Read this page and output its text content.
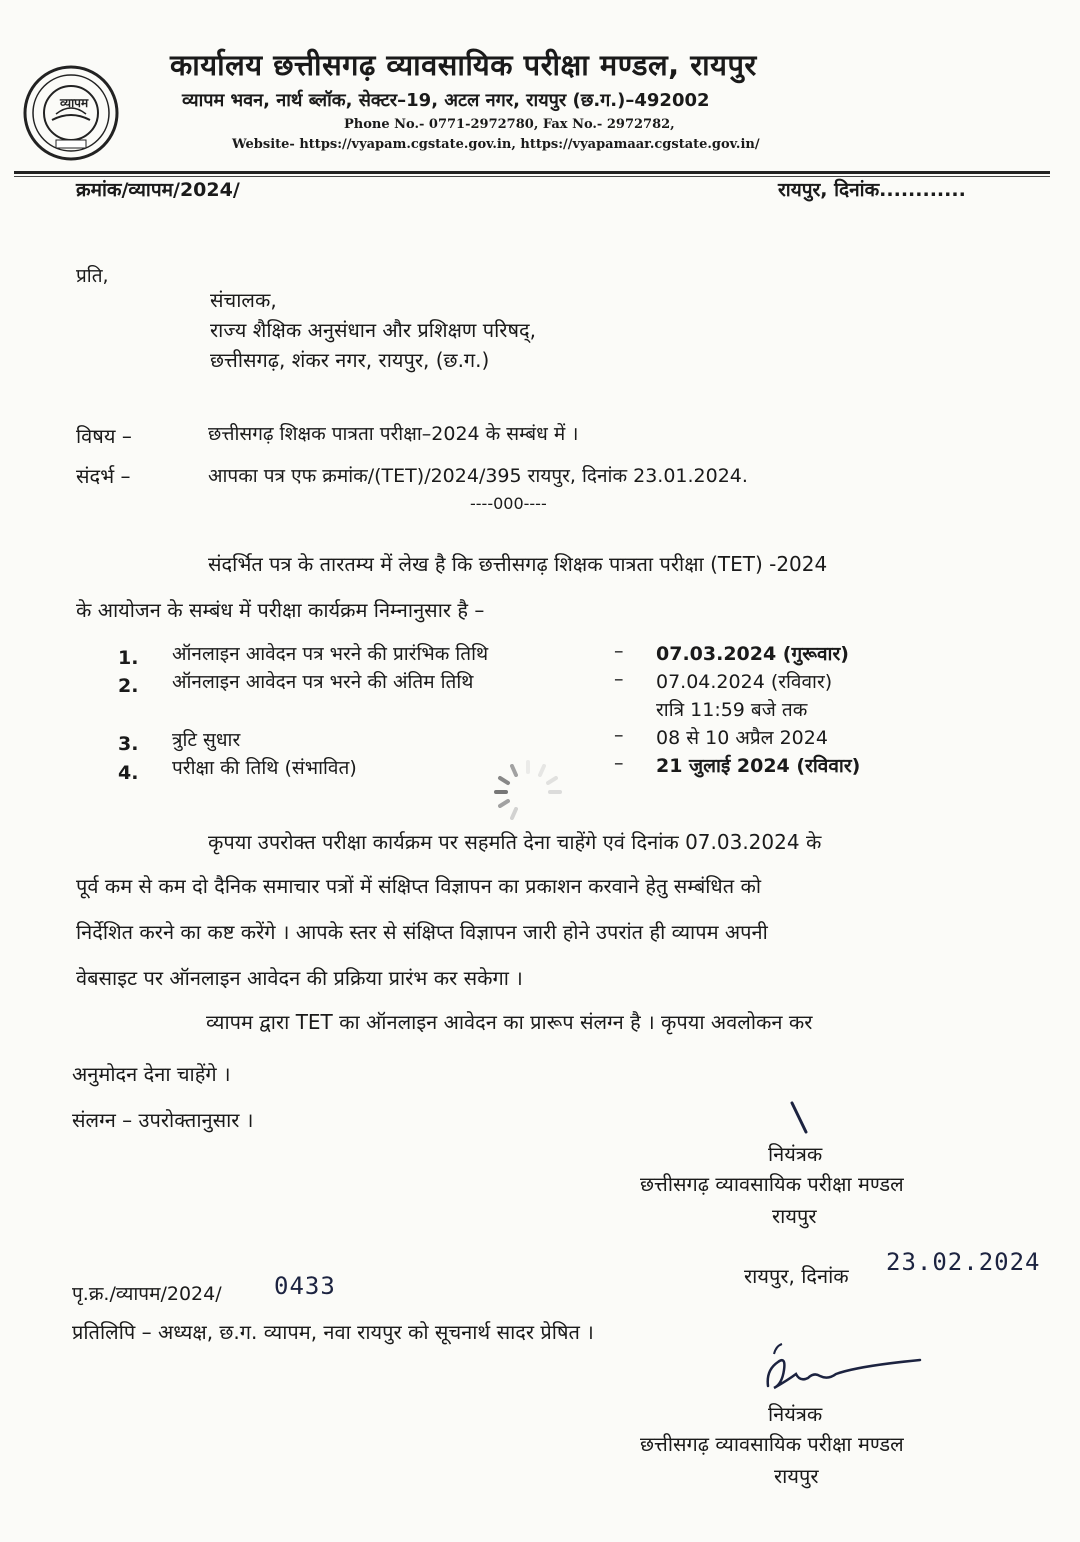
व्यापम
कार्यालय छत्तीसगढ़ व्यावसायिक परीक्षा मण्डल, रायपुर
व्यापम भवन, नार्थ ब्लॉक, सेक्टर–19, अटल नगर, रायपुर (छ.ग.)–492002
Phone No.- 0771-2972780, Fax No.- 2972782,
Website- https://vyapam.cgstate.gov.in, https://vyapamaar.cgstate.gov.in/
क्रमांक/व्यापम/2024/	रायपुर, दिनांक............
प्रति,
संचालक,
राज्य शैक्षिक अनुसंधान और प्रशिक्षण परिषद्,
छत्तीसगढ़, शंकर नगर, रायपुर, (छ.ग.)
विषय –	छत्तीसगढ़ शिक्षक पात्रता परीक्षा–2024 के सम्बंध में ।
संदर्भ –	आपका पत्र एफ क्रमांक/(TET)/2024/395 रायपुर, दिनांक 23.01.2024.
----000----
संदर्भित पत्र के तारतम्य में लेख है कि छत्तीसगढ़ शिक्षक पात्रता परीक्षा (TET) -2024
के आयोजन के सम्बंध में परीक्षा कार्यक्रम निम्नानुसार है –
1. ऑनलाइन आवेदन पत्र भरने की प्रारंभिक तिथि	– 07.03.2024 (गुरूवार)
2. ऑनलाइन आवेदन पत्र भरने की अंतिम तिथि	– 07.04.2024 (रविवार)
रात्रि 11:59 बजे तक
3. त्रुटि सुधार	– 08 से 10 अप्रैल 2024
4. परीक्षा की तिथि (संभावित)	– 21 जुलाई 2024 (रविवार)
कृपया उपरोक्त परीक्षा कार्यक्रम पर सहमति देना चाहेंगे एवं दिनांक 07.03.2024 के
पूर्व कम से कम दो दैनिक समाचार पत्रों में संक्षिप्त विज्ञापन का प्रकाशन करवाने हेतु सम्बंधित को
निर्देशित करने का कष्ट करेंगे । आपके स्तर से संक्षिप्त विज्ञापन जारी होने उपरांत ही व्यापम अपनी
वेबसाइट पर ऑनलाइन आवेदन की प्रक्रिया प्रारंभ कर सकेगा ।
व्यापम द्वारा TET का ऑनलाइन आवेदन का प्रारूप संलग्न है । कृपया अवलोकन कर
अनुमोदन देना चाहेंगे ।
संलग्न – उपरोक्तानुसार ।
नियंत्रक
छत्तीसगढ़ व्यावसायिक परीक्षा मण्डल
रायपुर
रायपुर, दिनांक 23.02.2024
पृ.क्र./व्यापम/2024/ 0433
प्रतिलिपि – अध्यक्ष, छ.ग. व्यापम, नवा रायपुर को सूचनार्थ सादर प्रेषित ।
नियंत्रक
छत्तीसगढ़ व्यावसायिक परीक्षा मण्डल
रायपुर
